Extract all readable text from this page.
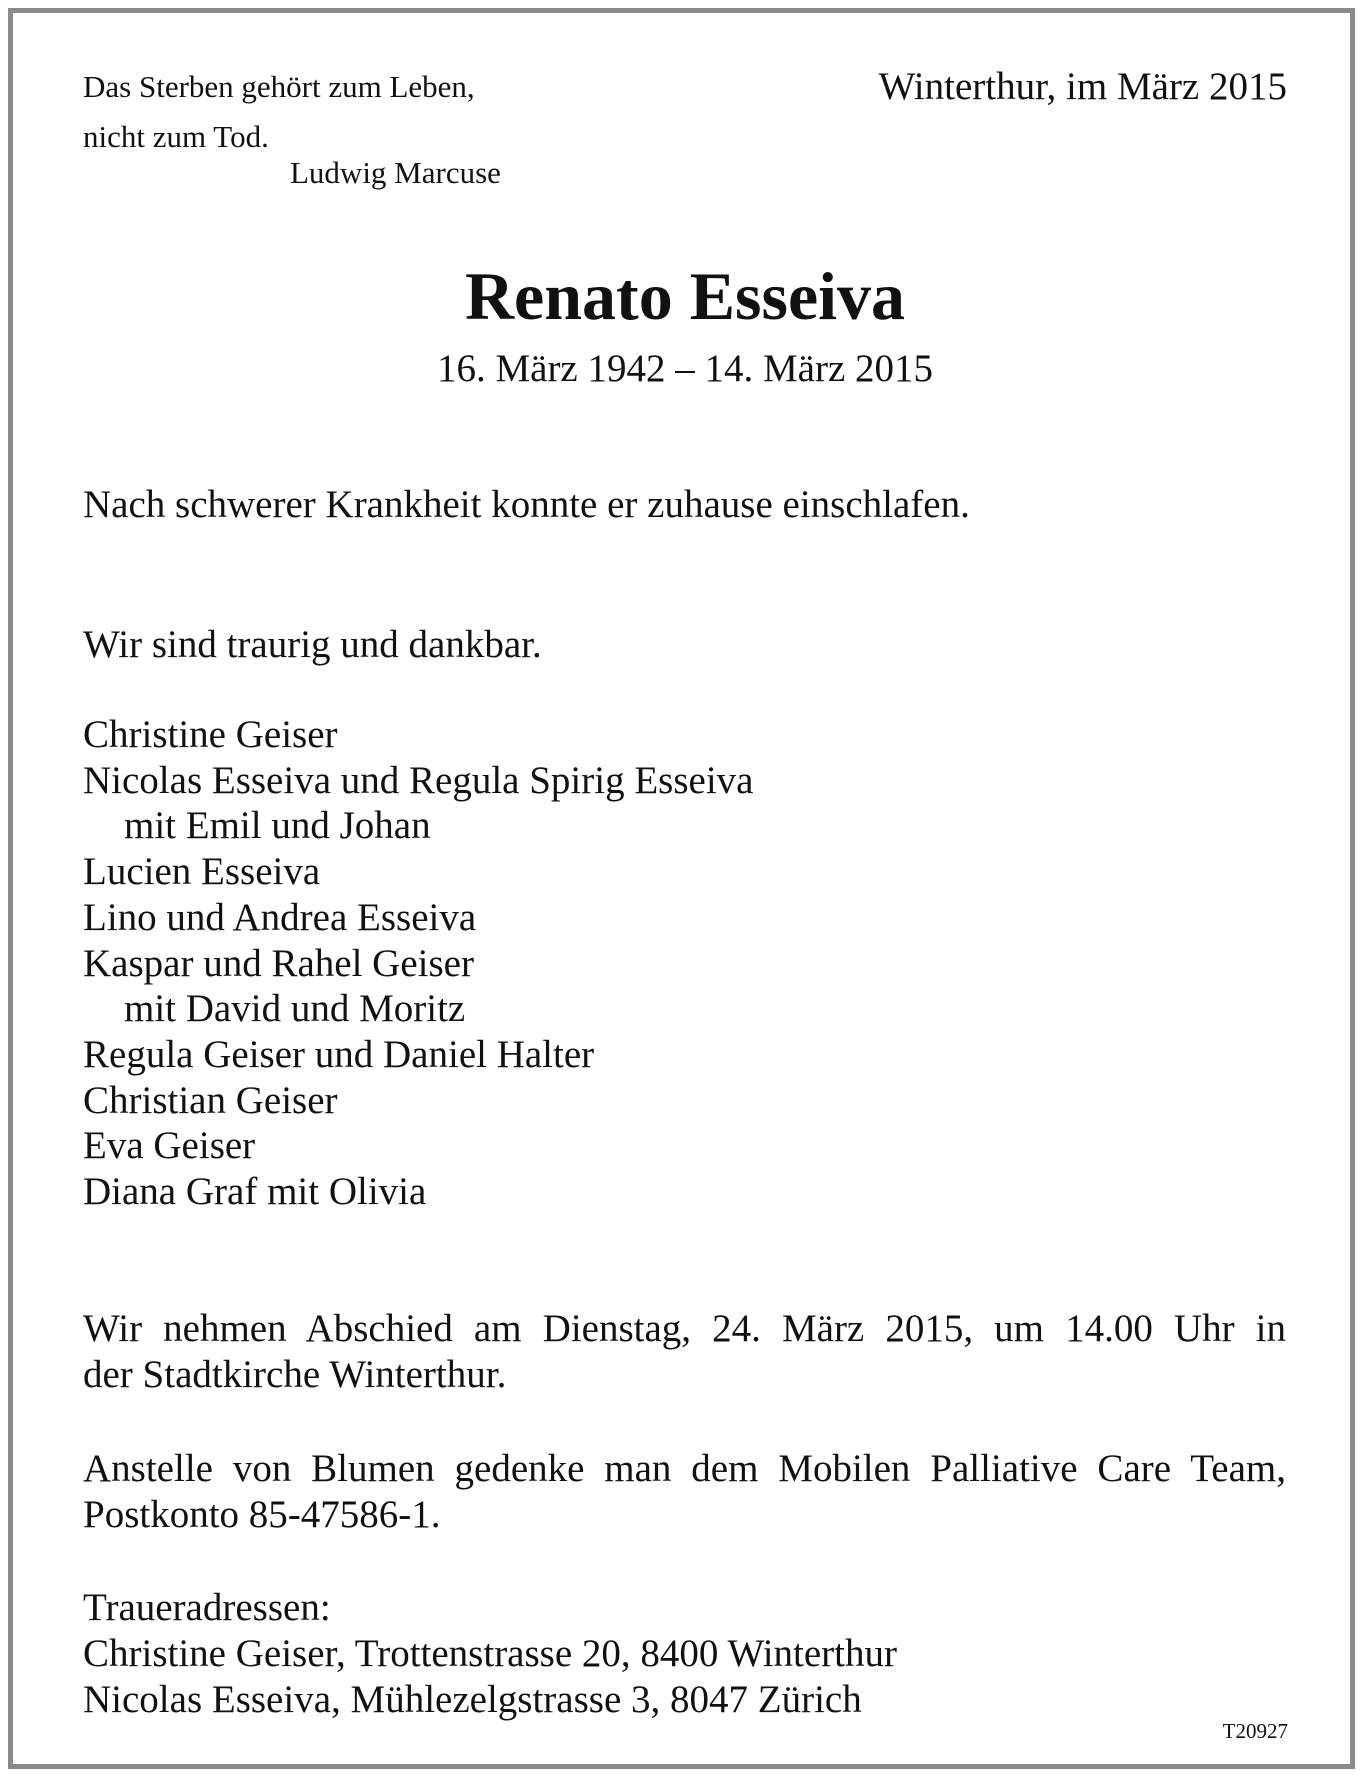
Das Sterben gehört zum Leben,
nicht zum Tod.
Ludwig Marcuse
Winterthur, im März 2015
Renato Esseiva
16. März 1942 – 14. März 2015
Nach schwerer Krankheit konnte er zuhause einschlafen.
Wir sind traurig und dankbar.
Christine Geiser
Nicolas Esseiva und Regula Spirig Esseiva
mit Emil und Johan
Lucien Esseiva
Lino und Andrea Esseiva
Kaspar und Rahel Geiser
mit David und Moritz
Regula Geiser und Daniel Halter
Christian Geiser
Eva Geiser
Diana Graf mit Olivia
Wir nehmen Abschied am Dienstag, 24. März 2015, um 14.00 Uhr in
der Stadtkirche Winterthur.
Anstelle von Blumen gedenke man dem Mobilen Palliative Care Team,
Postkonto 85-47586-1.
Traueradressen:
Christine Geiser, Trottenstrasse 20, 8400 Winterthur
Nicolas Esseiva, Mühlezelgstrasse 3, 8047 Zürich
T20927
